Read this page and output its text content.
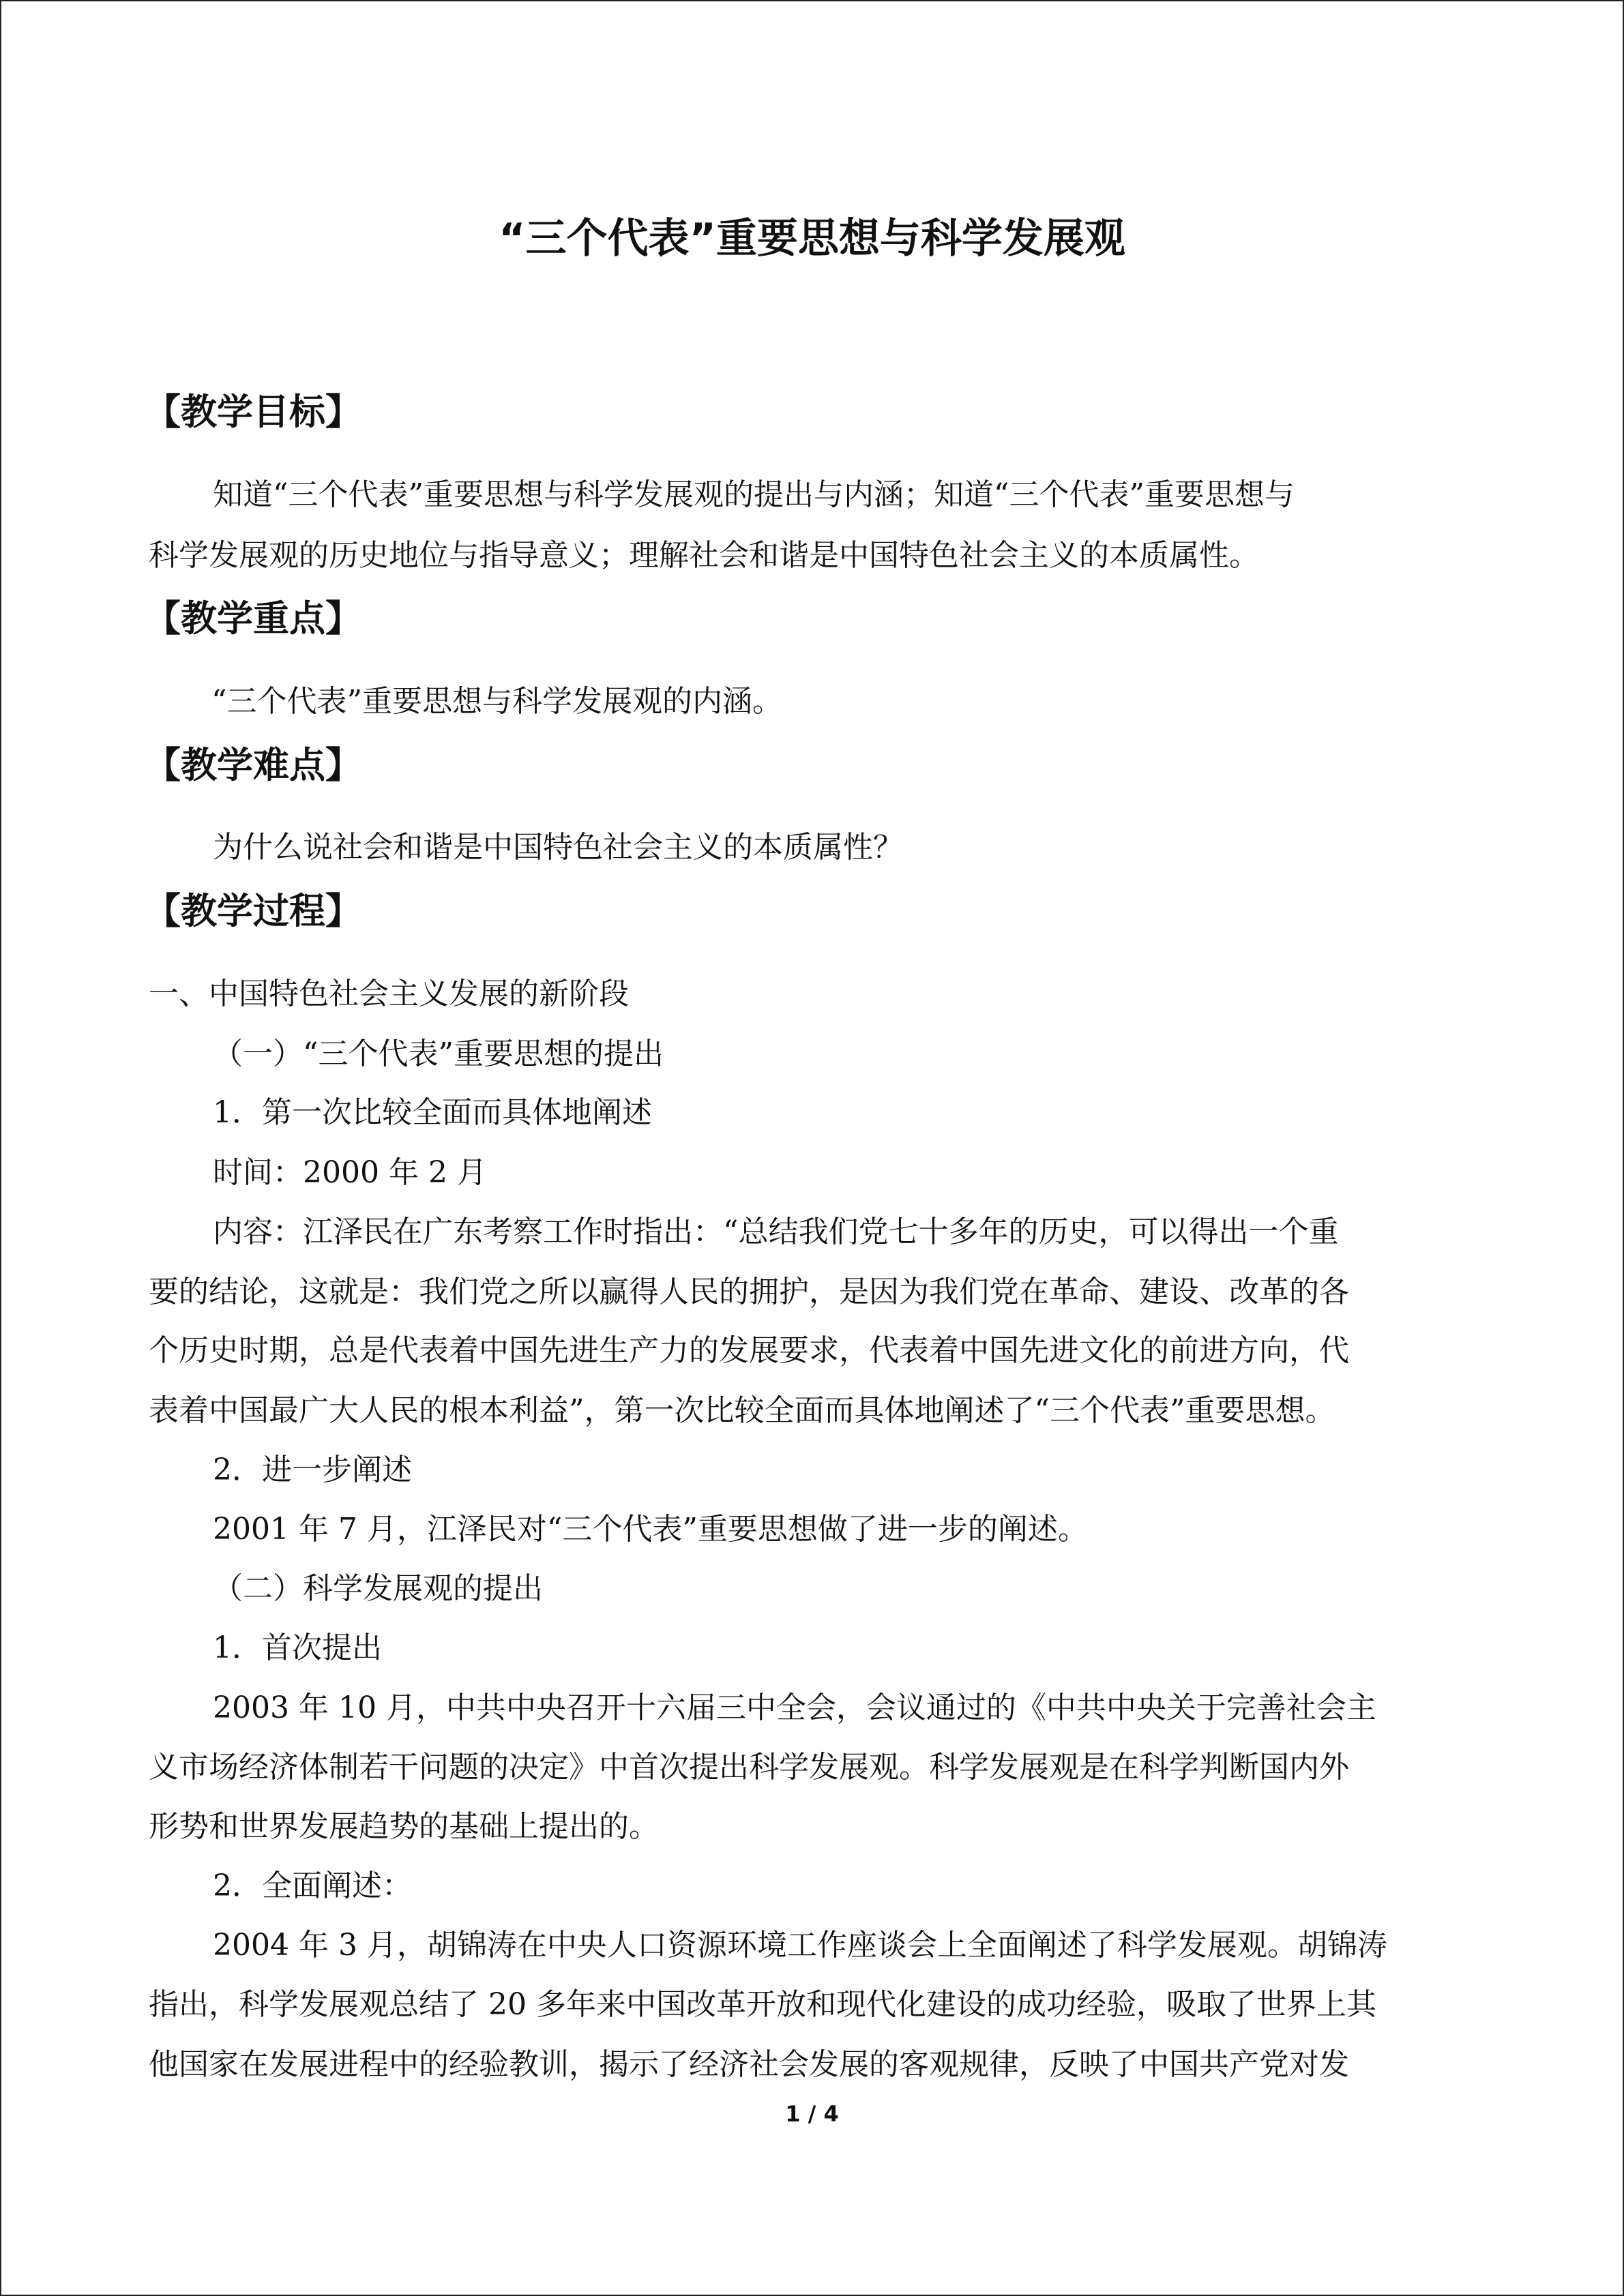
“三个代表”重要思想与科学发展观
【教学目标】
知道“三个代表”重要思想与科学发展观的提出与内涵；知道“三个代表”重要思想与
科学发展观的历史地位与指导意义；理解社会和谐是中国特色社会主义的本质属性。
【教学重点】
“三个代表”重要思想与科学发展观的内涵。
【教学难点】
为什么说社会和谐是中国特色社会主义的本质属性？
【教学过程】
一、中国特色社会主义发展的新阶段
（一）“三个代表”重要思想的提出
1．第一次比较全面而具体地阐述
时间：2000 年 2 月
内容：江泽民在广东考察工作时指出：“总结我们党七十多年的历史，可以得出一个重
要的结论，这就是：我们党之所以赢得人民的拥护，是因为我们党在革命、建设、改革的各
个历史时期，总是代表着中国先进生产力的发展要求，代表着中国先进文化的前进方向，代
表着中国最广大人民的根本利益”，第一次比较全面而具体地阐述了“三个代表”重要思想。
2．进一步阐述
2001 年 7 月，江泽民对“三个代表”重要思想做了进一步的阐述。
（二）科学发展观的提出
1．首次提出
2003 年 10 月，中共中央召开十六届三中全会，会议通过的《中共中央关于完善社会主
义市场经济体制若干问题的决定》中首次提出科学发展观。科学发展观是在科学判断国内外
形势和世界发展趋势的基础上提出的。
2．全面阐述：
2004 年 3 月，胡锦涛在中央人口资源环境工作座谈会上全面阐述了科学发展观。胡锦涛
指出，科学发展观总结了 20 多年来中国改革开放和现代化建设的成功经验，吸取了世界上其
他国家在发展进程中的经验教训，揭示了经济社会发展的客观规律，反映了中国共产党对发
1 / 4
